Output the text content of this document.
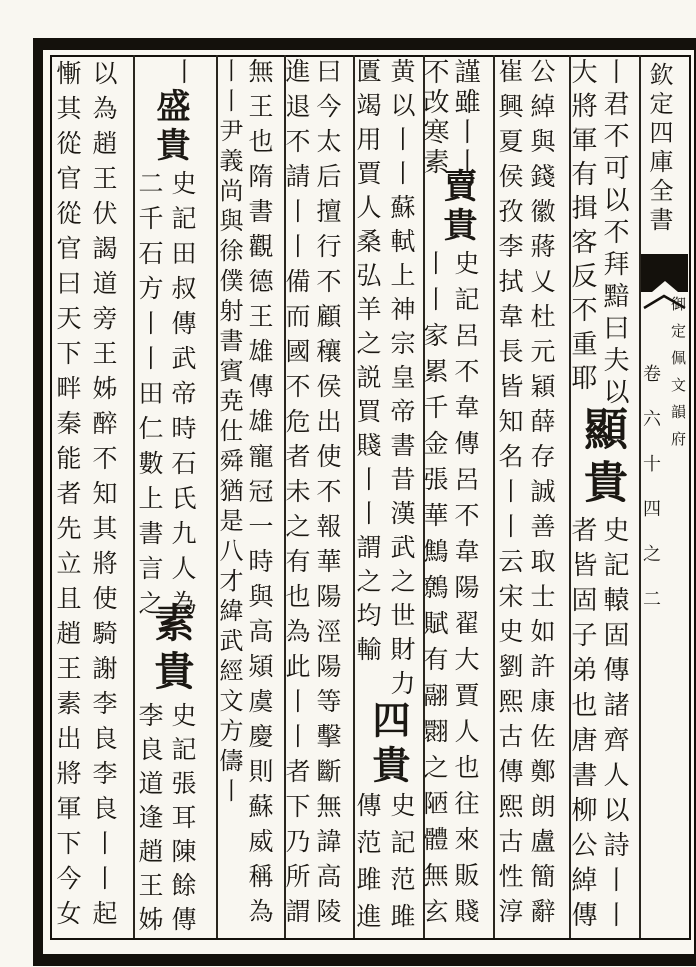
欽定四庫全書
御定佩文韻府
卷六十四之二
丨君不可以不拜黯曰夫以
大將軍有揖客反不重耶
顯貴
史記轅固傳諸齊人以詩丨丨
者皆固子弟也唐書柳公綽傳
公綽與錢徽蔣乂杜元穎薛存誠善取士如許康佐鄭朗盧簡辭
崔興夏侯孜李拭韋長皆知名丨丨云宋史劉熙古傳熙古性淳
謹雖丨丨
不改寒素
賣貴
史記呂不韋傳呂不韋陽翟大賈人也往來販賤
丨丨家累千金張華鷦鷯賦有翮翾之陋體無玄
黄以丨丨蘇軾上神宗皇帝書昔漢武之世財力
匱竭用賈人桑弘羊之説買賤丨丨謂之均輸
四貴
史記范雎
傳范雎進
曰今太后擅行不顧穰侯出使不報華陽涇陽等擊斷無諱高陵
進退不請丨丨備而國不危者未之有也為此丨丨者下乃所謂
無王也隋書觀德王雄傳雄寵冠一時與高熲虞慶則蘇威稱為
丨丨尹義尚與徐僕射書賓尭仕舜猶是八才緯武經文方儔丨
丨
盛貴
史記田叔傳武帝時石氏九人為
二千石方丨丨田仁數上書言之
素貴
史記張耳陳餘傳
李良道逢趙王姊
以為趙王伏謁道旁王姊醉不知其將使騎謝李良李良丨丨起
慚其從官從官曰天下畔秦能者先立且趙王素出將軍下今女
